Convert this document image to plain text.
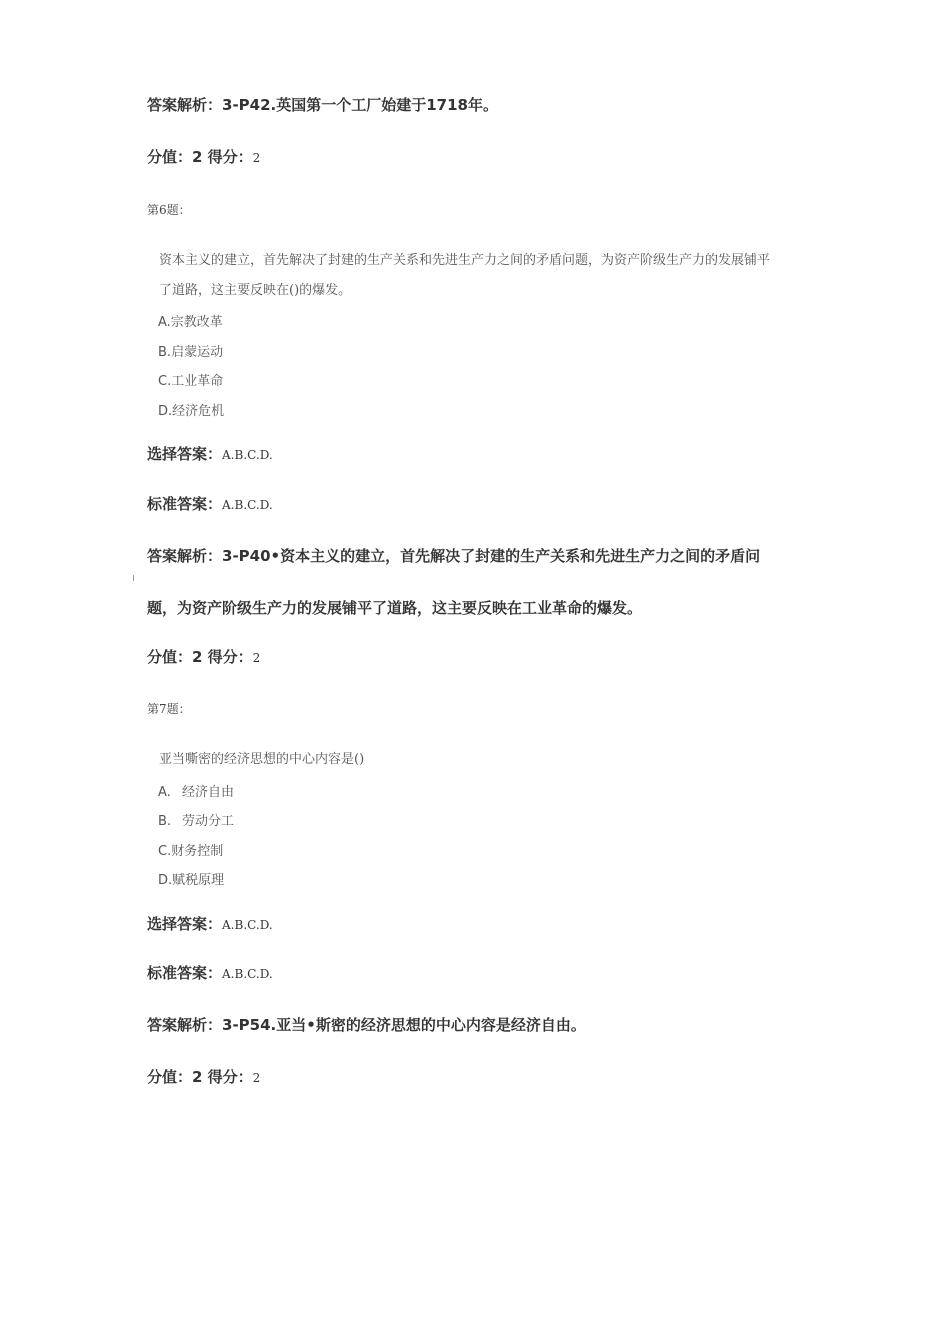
答案解析：3-P42.英国第一个工厂始建于1718年。
分值：2 得分：2
第6题：
资本主义的建立，首先解决了封建的生产关系和先进生产力之间的矛盾问题，为资产阶级生产力的发展铺平
了道路，这主要反映在()的爆发。
A.宗教改革
B.启蒙运动
C.工业革命
D.经济危机
选择答案：A.B.C.D.
标准答案：A.B.C.D.
答案解析：3-P40•资本主义的建立，首先解决了封建的生产关系和先进生产力之间的矛盾问
题，为资产阶级生产力的发展铺平了道路，这主要反映在工业革命的爆发。
分值：2 得分：2
第7题：
亚当嘶密的经济思想的中心内容是()
A. 经济自由
B. 劳动分工
C.财务控制
D.赋税原理
选择答案：A.B.C.D.
标准答案：A.B.C.D.
答案解析：3-P54.亚当•斯密的经济思想的中心内容是经济自由。
分值：2 得分：2
